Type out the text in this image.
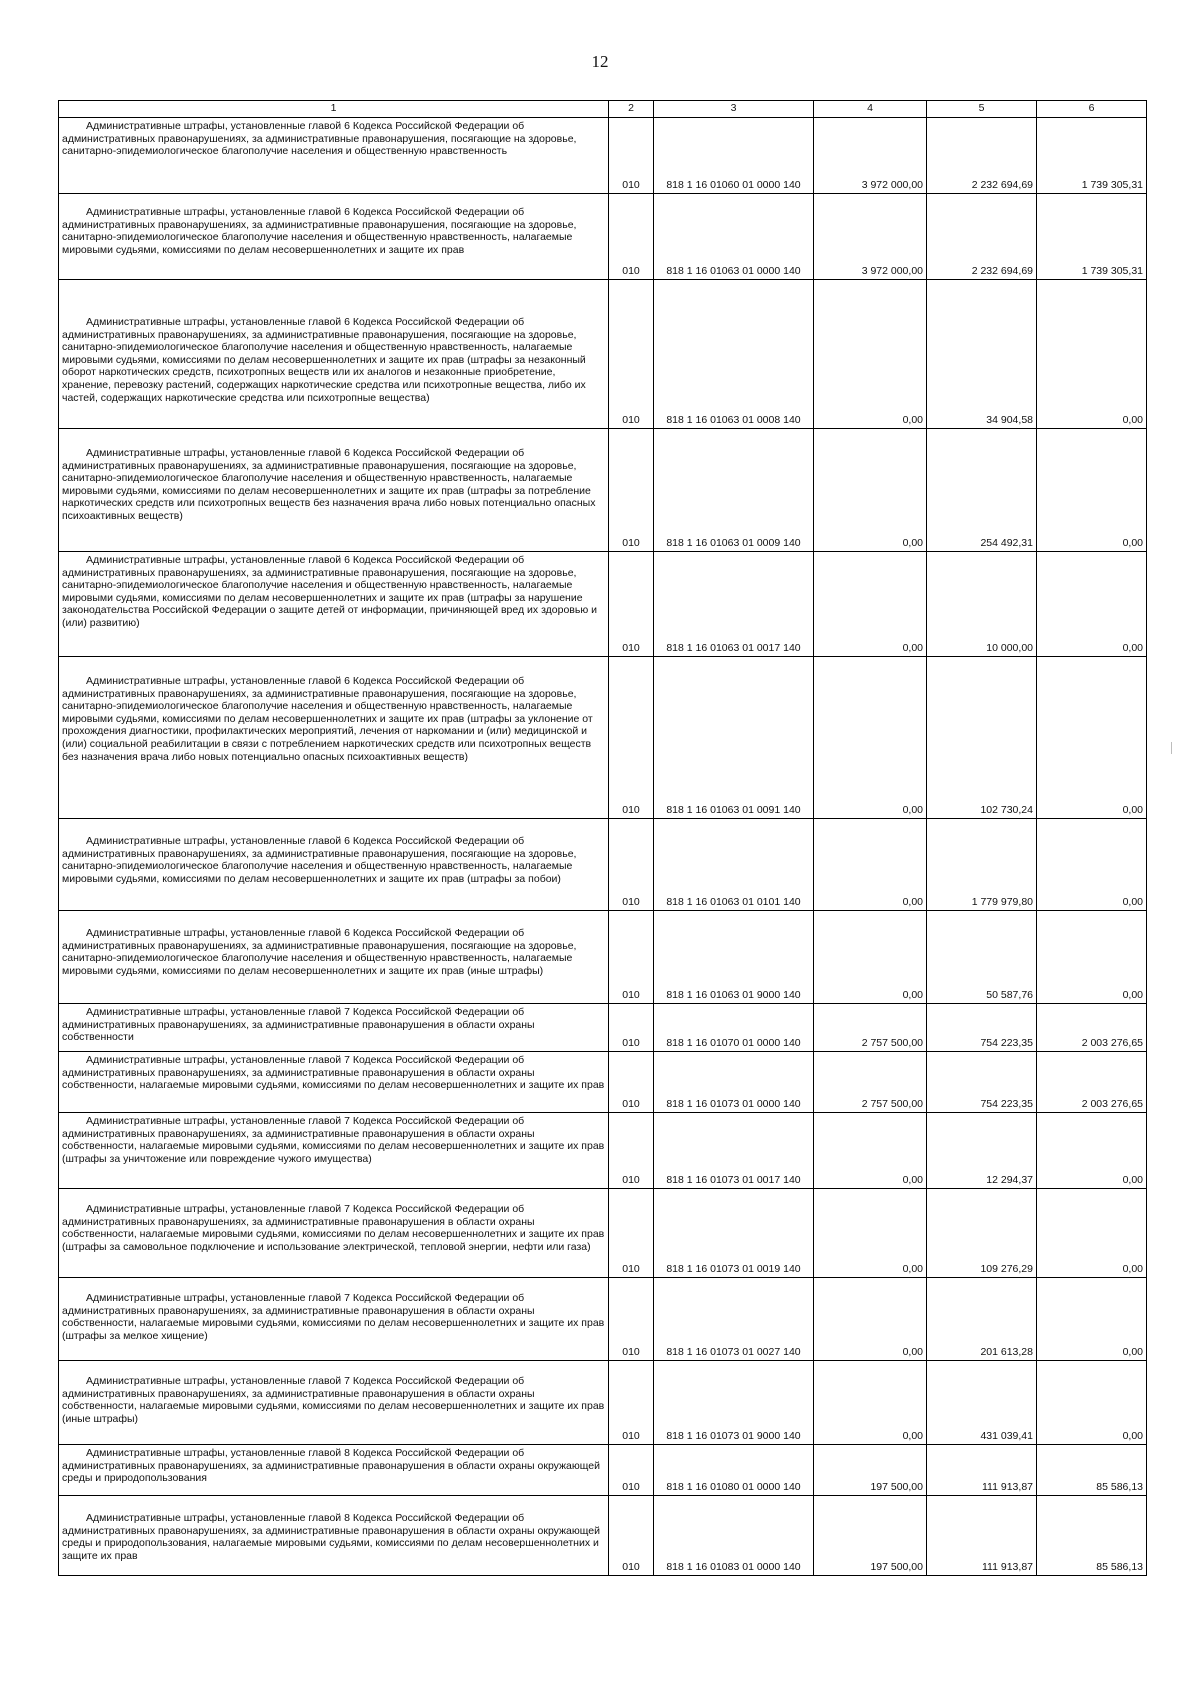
12
1	2	3	4	5	6
Административные штрафы, установленные главой 6 Кодекса Российской Федерации об административных правонарушениях, за административные правонарушения, посягающие на здоровье, санитарно-эпидемиологическое благополучие населения и общественную нравственность	010	818 1 16 01060 01 0000 140	3 972 000,00	2 232 694,69	1 739 305,31
Административные штрафы, установленные главой 6 Кодекса Российской Федерации об административных правонарушениях, за административные правонарушения, посягающие на здоровье, санитарно-эпидемиологическое благополучие населения и общественную нравственность, налагаемые мировыми судьями, комиссиями по делам несовершеннолетних и защите их прав	010	818 1 16 01063 01 0000 140	3 972 000,00	2 232 694,69	1 739 305,31
Административные штрафы, установленные главой 6 Кодекса Российской Федерации об административных правонарушениях, за административные правонарушения, посягающие на здоровье, санитарно-эпидемиологическое благополучие населения и общественную нравственность, налагаемые мировыми судьями, комиссиями по делам несовершеннолетних и защите их прав (штрафы за незаконный оборот наркотических средств, психотропных веществ или их аналогов и незаконные приобретение, хранение, перевозку растений, содержащих наркотические средства или психотропные вещества, либо их частей, содержащих наркотические средства или психотропные вещества)	010	818 1 16 01063 01 0008 140	0,00	34 904,58	0,00
Административные штрафы, установленные главой 6 Кодекса Российской Федерации об административных правонарушениях, за административные правонарушения, посягающие на здоровье, санитарно-эпидемиологическое благополучие населения и общественную нравственность, налагаемые мировыми судьями, комиссиями по делам несовершеннолетних и защите их прав (штрафы за потребление наркотических средств или психотропных веществ без назначения врача либо новых потенциально опасных психоактивных веществ)	010	818 1 16 01063 01 0009 140	0,00	254 492,31	0,00
Административные штрафы, установленные главой 6 Кодекса Российской Федерации об административных правонарушениях, за административные правонарушения, посягающие на здоровье, санитарно-эпидемиологическое благополучие населения и общественную нравственность, налагаемые мировыми судьями, комиссиями по делам несовершеннолетних и защите их прав (штрафы за нарушение законодательства Российской Федерации о защите детей от информации, причиняющей вред их здоровью и (или) развитию)	010	818 1 16 01063 01 0017 140	0,00	10 000,00	0,00
Административные штрафы, установленные главой 6 Кодекса Российской Федерации об административных правонарушениях, за административные правонарушения, посягающие на здоровье, санитарно-эпидемиологическое благополучие населения и общественную нравственность, налагаемые мировыми судьями, комиссиями по делам несовершеннолетних и защите их прав (штрафы за уклонение от прохождения диагностики, профилактических мероприятий, лечения от наркомании и (или) медицинской и (или) социальной реабилитации в связи с потреблением наркотических средств или психотропных веществ без назначения врача либо новых потенциально опасных психоактивных веществ)	010	818 1 16 01063 01 0091 140	0,00	102 730,24	0,00
Административные штрафы, установленные главой 6 Кодекса Российской Федерации об административных правонарушениях, за административные правонарушения, посягающие на здоровье, санитарно-эпидемиологическое благополучие населения и общественную нравственность, налагаемые мировыми судьями, комиссиями по делам несовершеннолетних и защите их прав (штрафы за побои)	010	818 1 16 01063 01 0101 140	0,00	1 779 979,80	0,00
Административные штрафы, установленные главой 6 Кодекса Российской Федерации об административных правонарушениях, за административные правонарушения, посягающие на здоровье, санитарно-эпидемиологическое благополучие населения и общественную нравственность, налагаемые мировыми судьями, комиссиями по делам несовершеннолетних и защите их прав (иные штрафы)	010	818 1 16 01063 01 9000 140	0,00	50 587,76	0,00
Административные штрафы, установленные главой 7 Кодекса Российской Федерации об административных правонарушениях, за административные правонарушения в области охраны собственности	010	818 1 16 01070 01 0000 140	2 757 500,00	754 223,35	2 003 276,65
Административные штрафы, установленные главой 7 Кодекса Российской Федерации об административных правонарушениях, за административные правонарушения в области охраны собственности, налагаемые мировыми судьями, комиссиями по делам несовершеннолетних и защите их прав	010	818 1 16 01073 01 0000 140	2 757 500,00	754 223,35	2 003 276,65
Административные штрафы, установленные главой 7 Кодекса Российской Федерации об административных правонарушениях, за административные правонарушения в области охраны собственности, налагаемые мировыми судьями, комиссиями по делам несовершеннолетних и защите их прав (штрафы за уничтожение или повреждение чужого имущества)	010	818 1 16 01073 01 0017 140	0,00	12 294,37	0,00
Административные штрафы, установленные главой 7 Кодекса Российской Федерации об административных правонарушениях, за административные правонарушения в области охраны собственности, налагаемые мировыми судьями, комиссиями по делам несовершеннолетних и защите их прав (штрафы за самовольное подключение и использование электрической, тепловой энергии, нефти или газа)	010	818 1 16 01073 01 0019 140	0,00	109 276,29	0,00
Административные штрафы, установленные главой 7 Кодекса Российской Федерации об административных правонарушениях, за административные правонарушения в области охраны собственности, налагаемые мировыми судьями, комиссиями по делам несовершеннолетних и защите их прав (штрафы за мелкое хищение)	010	818 1 16 01073 01 0027 140	0,00	201 613,28	0,00
Административные штрафы, установленные главой 7 Кодекса Российской Федерации об административных правонарушениях, за административные правонарушения в области охраны собственности, налагаемые мировыми судьями, комиссиями по делам несовершеннолетних и защите их прав (иные штрафы)	010	818 1 16 01073 01 9000 140	0,00	431 039,41	0,00
Административные штрафы, установленные главой 8 Кодекса Российской Федерации об административных правонарушениях, за административные правонарушения в области охраны окружающей среды и природопользования	010	818 1 16 01080 01 0000 140	197 500,00	111 913,87	85 586,13
Административные штрафы, установленные главой 8 Кодекса Российской Федерации об административных правонарушениях, за административные правонарушения в области охраны окружающей среды и природопользования, налагаемые мировыми судьями, комиссиями по делам несовершеннолетних и защите их прав	010	818 1 16 01083 01 0000 140	197 500,00	111 913,87	85 586,13
